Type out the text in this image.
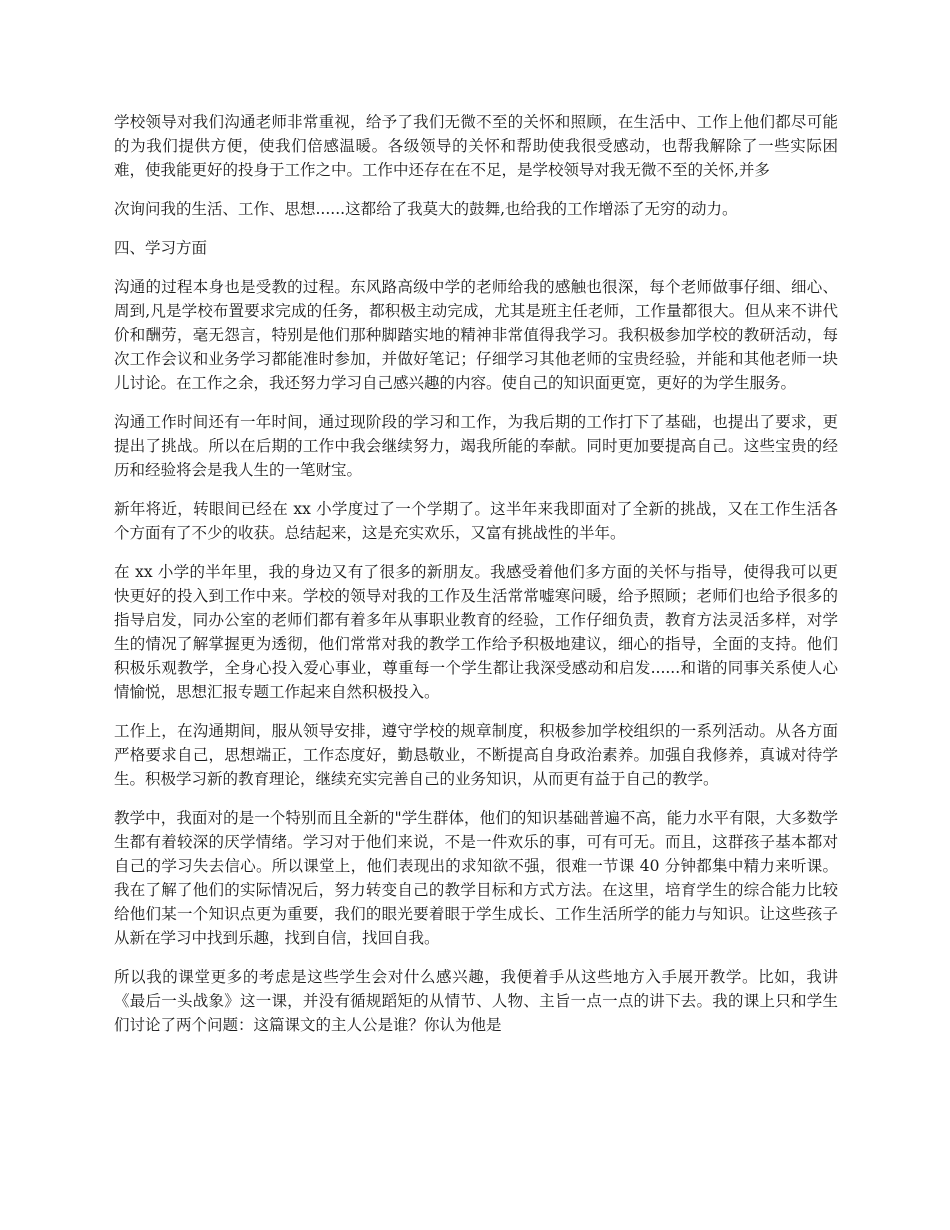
学校领导对我们沟通老师非常重视，给予了我们无微不至的关怀和照顾，在生活中、工作上他们都尽可能的为我们提供方便，使我们倍感温暖。各级领导的关怀和帮助使我很受感动，也帮我解除了一些实际困难，使我能更好的投身于工作之中。工作中还存在在不足，是学校领导对我无微不至的关怀,并多

次询问我的生活、工作、思想......这都给了我莫大的鼓舞,也给我的工作增添了无穷的动力。

四、学习方面

沟通的过程本身也是受教的过程。东风路高级中学的老师给我的感触也很深，每个老师做事仔细、细心、周到,凡是学校布置要求完成的任务，都积极主动完成，尤其是班主任老师，工作量都很大。但从来不讲代价和酬劳，毫无怨言，特别是他们那种脚踏实地的精神非常值得我学习。我积极参加学校的教研活动，每次工作会议和业务学习都能准时参加，并做好笔记；仔细学习其他老师的宝贵经验，并能和其他老师一块儿讨论。在工作之余，我还努力学习自己感兴趣的内容。使自己的知识面更宽，更好的为学生服务。

沟通工作时间还有一年时间，通过现阶段的学习和工作，为我后期的工作打下了基础，也提出了要求，更提出了挑战。所以在后期的工作中我会继续努力，竭我所能的奉献。同时更加要提高自己。这些宝贵的经历和经验将会是我人生的一笔财宝。

新年将近，转眼间已经在 xx 小学度过了一个学期了。这半年来我即面对了全新的挑战，又在工作生活各个方面有了不少的收获。总结起来，这是充实欢乐，又富有挑战性的半年。

在 xx 小学的半年里，我的身边又有了很多的新朋友。我感受着他们多方面的关怀与指导，使得我可以更快更好的投入到工作中来。学校的领导对我的工作及生活常常嘘寒问暖，给予照顾；老师们也给予很多的指导启发，同办公室的老师们都有着多年从事职业教育的经验，工作仔细负责，教育方法灵活多样，对学生的情况了解掌握更为透彻，他们常常对我的教学工作给予积极地建议，细心的指导，全面的支持。他们积极乐观教学，全身心投入爱心事业，尊重每一个学生都让我深受感动和启发......和谐的同事关系使人心情愉悦，思想汇报专题工作起来自然积极投入。

工作上，在沟通期间，服从领导安排，遵守学校的规章制度，积极参加学校组织的一系列活动。从各方面严格要求自己，思想端正，工作态度好，勤恳敬业，不断提高自身政治素养。加强自我修养，真诚对待学生。积极学习新的教育理论，继续充实完善自己的业务知识，从而更有益于自己的教学。

教学中，我面对的是一个特别而且全新的"学生群体，他们的知识基础普遍不高，能力水平有限，大多数学生都有着较深的厌学情绪。学习对于他们来说，不是一件欢乐的事，可有可无。而且，这群孩子基本都对自己的学习失去信心。所以课堂上，他们表现出的求知欲不强，很难一节课 40 分钟都集中精力来听课。我在了解了他们的实际情况后，努力转变自己的教学目标和方式方法。在这里，培育学生的综合能力比较给他们某一个知识点更为重要，我们的眼光要着眼于学生成长、工作生活所学的能力与知识。让这些孩子从新在学习中找到乐趣，找到自信，找回自我。

所以我的课堂更多的考虑是这些学生会对什么感兴趣，我便着手从这些地方入手展开教学。比如，我讲《最后一头战象》这一课，并没有循规蹈矩的从情节、人物、主旨一点一点的讲下去。我的课上只和学生们讨论了两个问题：这篇课文的主人公是谁？你认为他是
